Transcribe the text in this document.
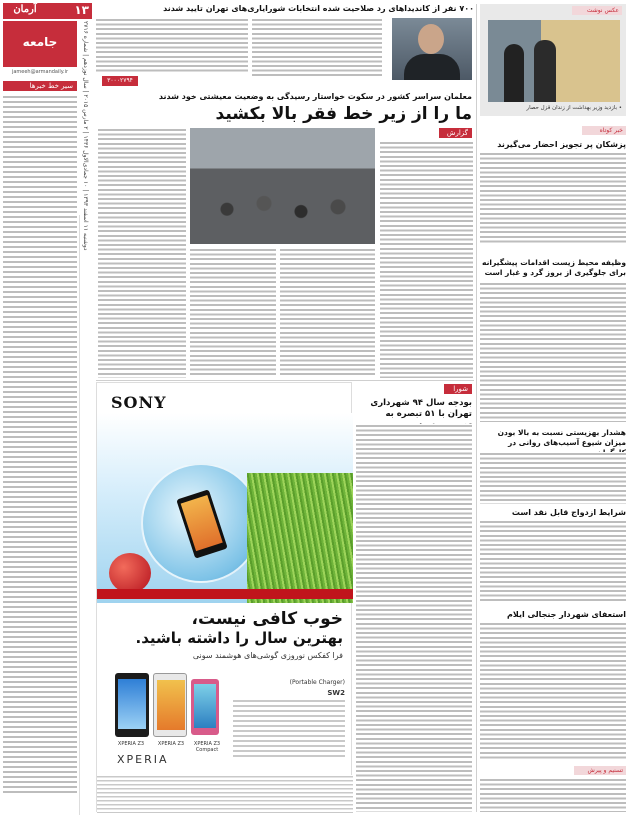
آرمان	۱۳
جامعه
دوشنبه ۱۱ اسفند ۱۳۹۳ | ۱۰ جمادی‌الاول ۱۴۳۶ | ۲ مارس ۲۰۱۵ | سال نوزدهم | شماره ۲۷۱۶
jameeh@armandaily.ir
سیر خط خبرها
۷۰۰ نفر از کاندیداهای رد صلاحیت شده انتخابات شورایاری‌های تهران تایید شدند
۳۰۰۰۲۷۹۴
معلمان سراسر کشور در سکوت خواستار رسیدگی به وضعیت معیشتی خود شدند
ما را از زیر خط فقر بالا بکشید
گزارش
SONY
خوب کافی نیست،
بهترین سال را داشته باشید.
فرا کفکس نوروزی گوشی‌های هوشمند سونی
XPERIA Z3	XPERIA Z3	XPERIA Z3 Compact
XPERIA
(Portable Charger)
SW2
شورا
بودجه سال ۹۴ شهرداری تهران با ۵۱ تبصره به
عکس نوشت
• بازدید وزیر بهداشت از زندان قزل حصار
خبر کوتاه
پزشکان پر تجویز احضار می‌گیرند
وظیفه محیط زیست اقدامات پیشگیرانه برای جلوگیری از بروز گرد و غبار است
هشدار بهزیستی نسبت به بالا بودن میزان شیوع آسیب‌های روانی در
شرایط ازدواج قابل نقد است
استعفای شهردار جنجالی ایلام
تسنیم و پیرش
